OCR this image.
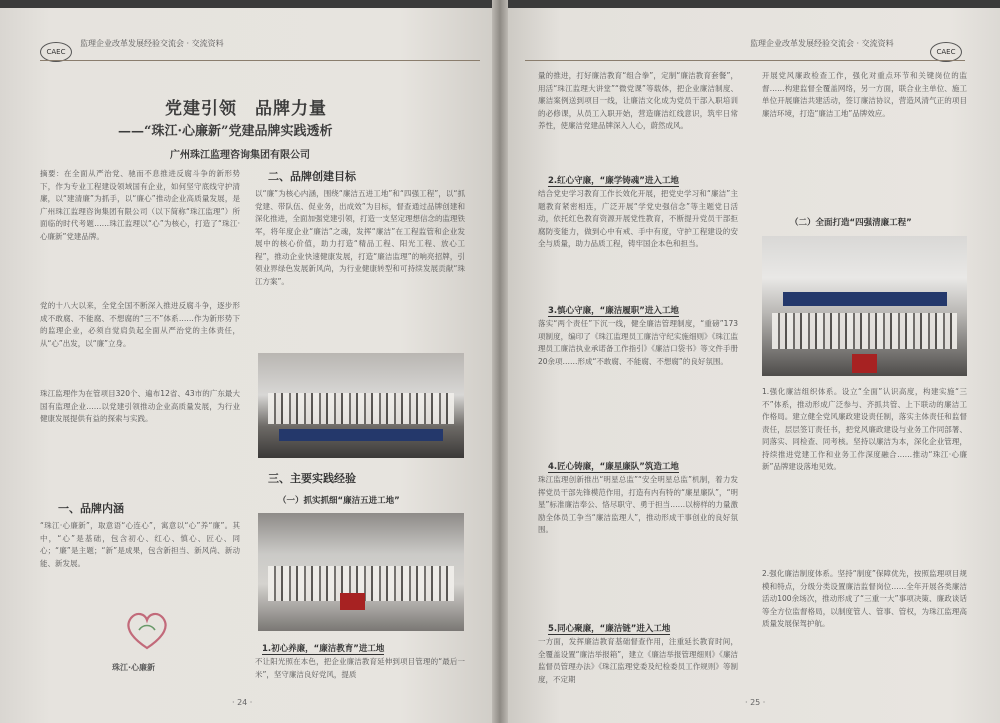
CAEC
监理企业改革发展经验交流会 · 交流资料
党建引领　品牌力量
——“珠江·心廉新”党建品牌实践透析
广州珠江监理咨询集团有限公司
摘要：在全面从严治党、驰而不息推进反腐斗争的新形势下，作为专业工程建设领域国有企业，如何坚守底线守护清廉，以“建清廉”为抓手，以“廉心”推动企业高质量发展，是广州珠江监理咨询集团有限公司（以下简称“珠江监理”）所面临的时代考题……珠江监理以“心”为核心，打造了“珠江·心廉新”党建品牌。
党的十八大以来，全党全国不断深入推进反腐斗争，逐步形成不敢腐、不能腐、不想腐的“三不”体系……作为新形势下的监理企业，必须自觉肩负起全面从严治党的主体责任，从“心”出发，以“廉”立身。
珠江监理作为在管项目320个、遍布12省、43市的广东最大国有监理企业……以党建引领推动企业高质量发展，为行业健康发展提供有益的探索与实践。
一、品牌内涵
“珠江·心廉新”，取意语“心连心”，寓意以“心”养“廉”。其中，“心”是基础，包含初心、红心、慎心、匠心、同心；“廉”是主题；“新”是成果，包含新担当、新风尚、新动能、新发展。
珠江·心廉新
二、品牌创建目标
以“廉”为核心内涵，围绕“廉洁五进工地”和“四强工程”，以“抓党建、带队伍、促业务，出成效”为目标，督查通过品牌创建和深化推进，全面加强党建引领，打造一支坚定理想信念的监理铁军，将年度企业“廉洁”之魂，发挥“廉洁”在工程监管和企业发展中的核心价值，助力打造“精品工程、阳光工程、放心工程”，推动企业快速健康发展，打造“廉洁监理”的响亮招牌，引领业界绿色发展新风尚，为行业健康转型和可持续发展贡献“珠江方案”。
三、主要实践经验
（一）抓实抓细“廉洁五进工地”
1.初心养廉，“廉洁教育”进工地
不让阳光照在本色，把企业廉洁教育延伸到项目管理的“最后一米”，坚守廉洁良好党风，提质
· 24 ·
监理企业改革发展经验交流会 · 交流资料
CAEC
量的推进，打好廉洁教育“组合拳”，定制“廉洁教育套餐”，用活“珠江监理大讲堂”“微党课”等载体，把企业廉洁制度、廉洁案例送到项目一线，让廉洁文化成为党员干部入职培训的必修课，从员工入职开始，营造廉洁红线意识，筑牢日常养性，使廉洁党建品牌深入人心，蔚然成风。
2.红心守廉，“廉学铸魂”进入工地
结合党史学习教育工作长效化开展，把党史学习和“廉洁”主题教育紧密相连，广泛开展“学党史强信念”等主题党日活动，依托红色教育资源开展党性教育，不断提升党员干部拒腐防变能力，做到心中有戒、手中有度，守护工程建设的安全与质量，助力品质工程，铸牢国企本色和担当。
3.慎心守廉，“廉洁履职”进入工地
落实“两个责任”下沉一线，健全廉洁管理制度，“重磅”173项制度，编印了《珠江监理员工廉洁守纪实施细则》《珠江监理员工廉洁执业承诺备工作指引》《廉洁口袋书》等文件手册20余项……形成“不敢腐、不能腐、不想腐”的良好氛围。
4.匠心铸廉，“廉星廉队”筑造工地
珠江监理创新推出“明星总监”“安全明星总监”机制，着力发挥党员干部先锋模范作用，打造有内有特的“廉星廉队”，“明星”标准廉洁奉公、恪尽职守、勇于担当……以榜样的力量激励全体员工争当“廉洁监理人”，推动形成干事创业的良好氛围。
5.同心聚廉，“廉洁链”进入工地
一方面，发挥廉洁教育基础督查作用，注重延长教育时间，全覆盖设置“廉洁举报箱”，建立《廉洁举报管理细则》《廉洁监督员管理办法》《珠江监理党委及纪检委员工作规则》等制度，不定期
开展党风廉政检查工作，强化对重点环节和关键岗位的监督……构建监督全覆盖网络，另一方面，联合业主单位、施工单位开展廉洁共建活动，签订廉洁协议，营造风清气正的项目廉洁环境，打造“廉洁工地”品牌效应。
（二）全面打造“四强清廉工程”
1.强化廉洁组织体系。设立“全面”认识高度，构建实施“三不”体系，推动形成广泛参与、齐抓共管、上下联动的廉洁工作格局。建立健全党风廉政建设责任制，落实主体责任和监督责任，层层签订责任书，把党风廉政建设与业务工作同部署、同落实、同检查、同考核。坚持以廉洁为本，深化企业管理，持续推进党建工作和业务工作深度融合……推动“珠江·心廉新”品牌建设落地见效。
2.强化廉洁制度体系。坚持“制度”保障优先，按照监理项目规模和特点，分级分类设置廉洁监督岗位……全年开展各类廉洁活动100余场次，推动形成了“三重一大”事项决策、廉政谈话等全方位监督格局，以制度管人、管事、管权，为珠江监理高质量发展保驾护航。
· 25 ·
